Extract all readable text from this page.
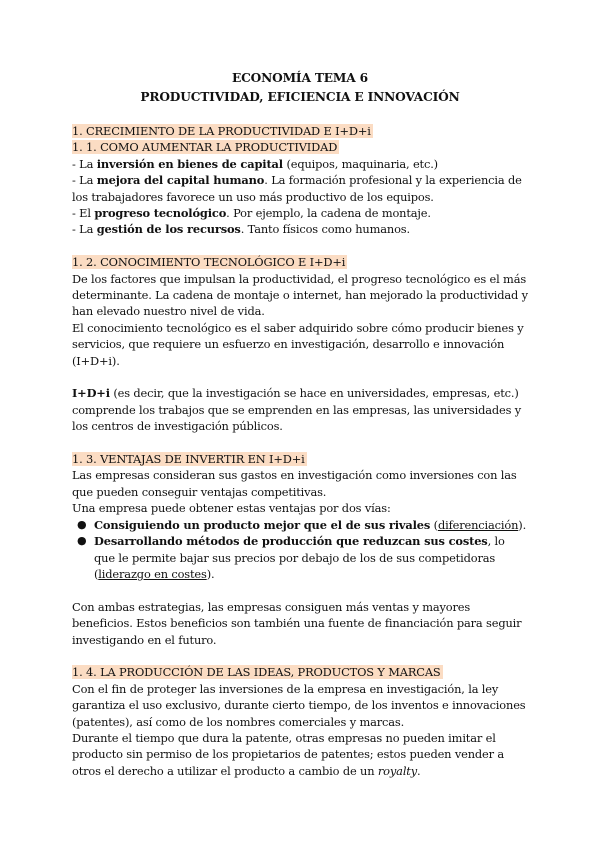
ECONOMÍA TEMA 6

PRODUCTIVIDAD, EFICIENCIA E INNOVACIÓN

1. CRECIMIENTO DE LA PRODUCTIVIDAD E I+D+i

1. 1. COMO AUMENTAR LA PRODUCTIVIDAD

- La inversión en bienes de capital (equipos, maquinaria, etc.)

- La mejora del capital humano. La formación profesional y la experiencia de los trabajadores favorece un uso más productivo de los equipos.

- El progreso tecnológico. Por ejemplo, la cadena de montaje.

- La gestión de los recursos. Tanto físicos como humanos.

1. 2. CONOCIMIENTO TECNOLÓGICO E I+D+i

De los factores que impulsan la productividad, el progreso tecnológico es el más determinante. La cadena de montaje o internet, han mejorado la productividad y han elevado nuestro nivel de vida.

El conocimiento tecnológico es el saber adquirido sobre cómo producir bienes y servicios, que requiere un esfuerzo en investigación, desarrollo e innovación (I+D+i).

I+D+i (es decir, que la investigación se hace en universidades, empresas, etc.) comprende los trabajos que se emprenden en las empresas, las universidades y los centros de investigación públicos.

1. 3. VENTAJAS DE INVERTIR EN I+D+i

Las empresas consideran sus gastos en investigación como inversiones con las que pueden conseguir ventajas competitivas.

Una empresa puede obtener estas ventajas por dos vías:

● Consiguiendo un producto mejor que el de sus rivales (diferenciación).
● Desarrollando métodos de producción que reduzcan sus costes, lo que le permite bajar sus precios por debajo de los de sus competidoras (liderazgo en costes).

Con ambas estrategias, las empresas consiguen más ventas y mayores beneficios. Estos beneficios son también una fuente de financiación para seguir investigando en el futuro.

1. 4. LA PRODUCCIÓN DE LAS IDEAS, PRODUCTOS Y MARCAS

Con el fin de proteger las inversiones de la empresa en investigación, la ley garantiza el uso exclusivo, durante cierto tiempo, de los inventos e innovaciones (patentes), así como de los nombres comerciales y marcas.

Durante el tiempo que dura la patente, otras empresas no pueden imitar el producto sin permiso de los propietarios de patentes; estos pueden vender a otros el derecho a utilizar el producto a cambio de un royalty.
